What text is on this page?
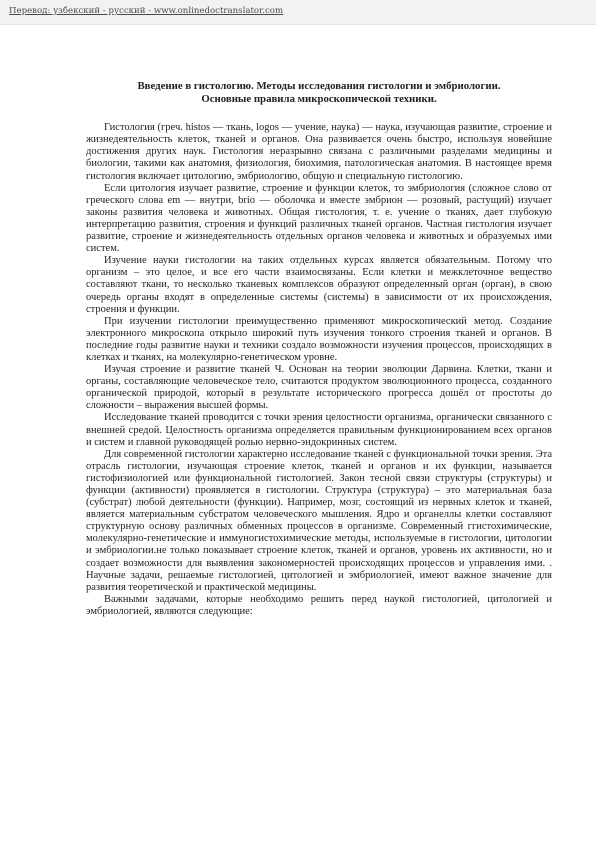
Перевод: узбекский - русский - www.onlinedoctranslator.com
Введение в гистологию. Методы исследования гистологии и эмбриологии.
Основные правила микроскопической техники.

Гистология (греч. histos — ткань, logos — учение, наука) — наука, изучающая развитие, строение и жизнедеятельность клеток, тканей и органов. Она развивается очень быстро, используя новейшие достижения других наук. Гистология неразрывно связана с различными разделами медицины и биологии, такими как анатомия, физиология, биохимия, патологическая анатомия. В настоящее время гистология включает цитологию, эмбриологию, общую и специальную гистологию.

Если цитология изучает развитие, строение и функции клеток, то эмбриология (сложное слово от греческого слова em — внутри, brio — оболочка и вместе эмбрион — розовый, растущий) изучает законы развития человека и животных. Общая гистология, т. е. учение о тканях, дает глубокую интерпретацию развития, строения и функций различных тканей органов. Частная гистология изучает развитие, строение и жизнедеятельность отдельных органов человека и животных и образуемых ими систем.

Изучение науки гистологии на таких отдельных курсах является обязательным. Потому что организм – это целое, и все его части взаимосвязаны. Если клетки и межклеточное вещество составляют ткани, то несколько тканевых комплексов образуют определенный орган (орган), в свою очередь органы входят в определенные системы (системы) в зависимости от их происхождения, строения и функции.

При изучении гистологии преимущественно применяют микроскопический метод. Создание электронного микроскопа открыло широкий путь изучения тонкого строения тканей и органов. В последние годы развитие науки и техники создало возможности изучения процессов, происходящих в клетках и тканях, на молекулярно-генетическом уровне.

Изучая строение и развитие тканей Ч. Основан на теории эволюции Дарвина. Клетки, ткани и органы, составляющие человеческое тело, считаются продуктом эволюционного процесса, созданного органической природой, который в результате исторического прогресса дошёл от простоты до сложности – выражения высшей формы.

Исследование тканей проводится с точки зрения целостности организма, органически связанного с внешней средой. Целостность организма определяется правильным функционированием всех органов и систем и главной руководящей ролью нервно-эндокринных систем.

Для современной гистологии характерно исследование тканей с функциональной точки зрения. Эта отрасль гистологии, изучающая строение клеток, тканей и органов и их функции, называется гистофизиологией или функциональной гистологией. Закон тесной связи структуры (структуры) и функции (активности) проявляется в гистологии. Структура (структура) – это материальная база (субстрат) любой деятельности (функции). Например, мозг, состоящий из нервных клеток и тканей, является материальным субстратом человеческого мышления. Ядро и органеллы клетки составляют структурную основу различных обменных процессов в организме. Современный ггистохимические, молекулярно-генетические и иммуногистохимические методы, используемые в гистологии, цитологии и эмбриологии.не только показывает строение клеток, тканей и органов, уровень их активности, но и создает возможности для выявления закономерностей происходящих процессов и управления ими. . Научные задачи, решаемые гистологией, цитологией и эмбриологией, имеют важное значение для развития теоретической и практической медицины.

Важными задачами, которые необходимо решить перед наукой гистологией, цитологией и эмбриологией, являются следующие:
